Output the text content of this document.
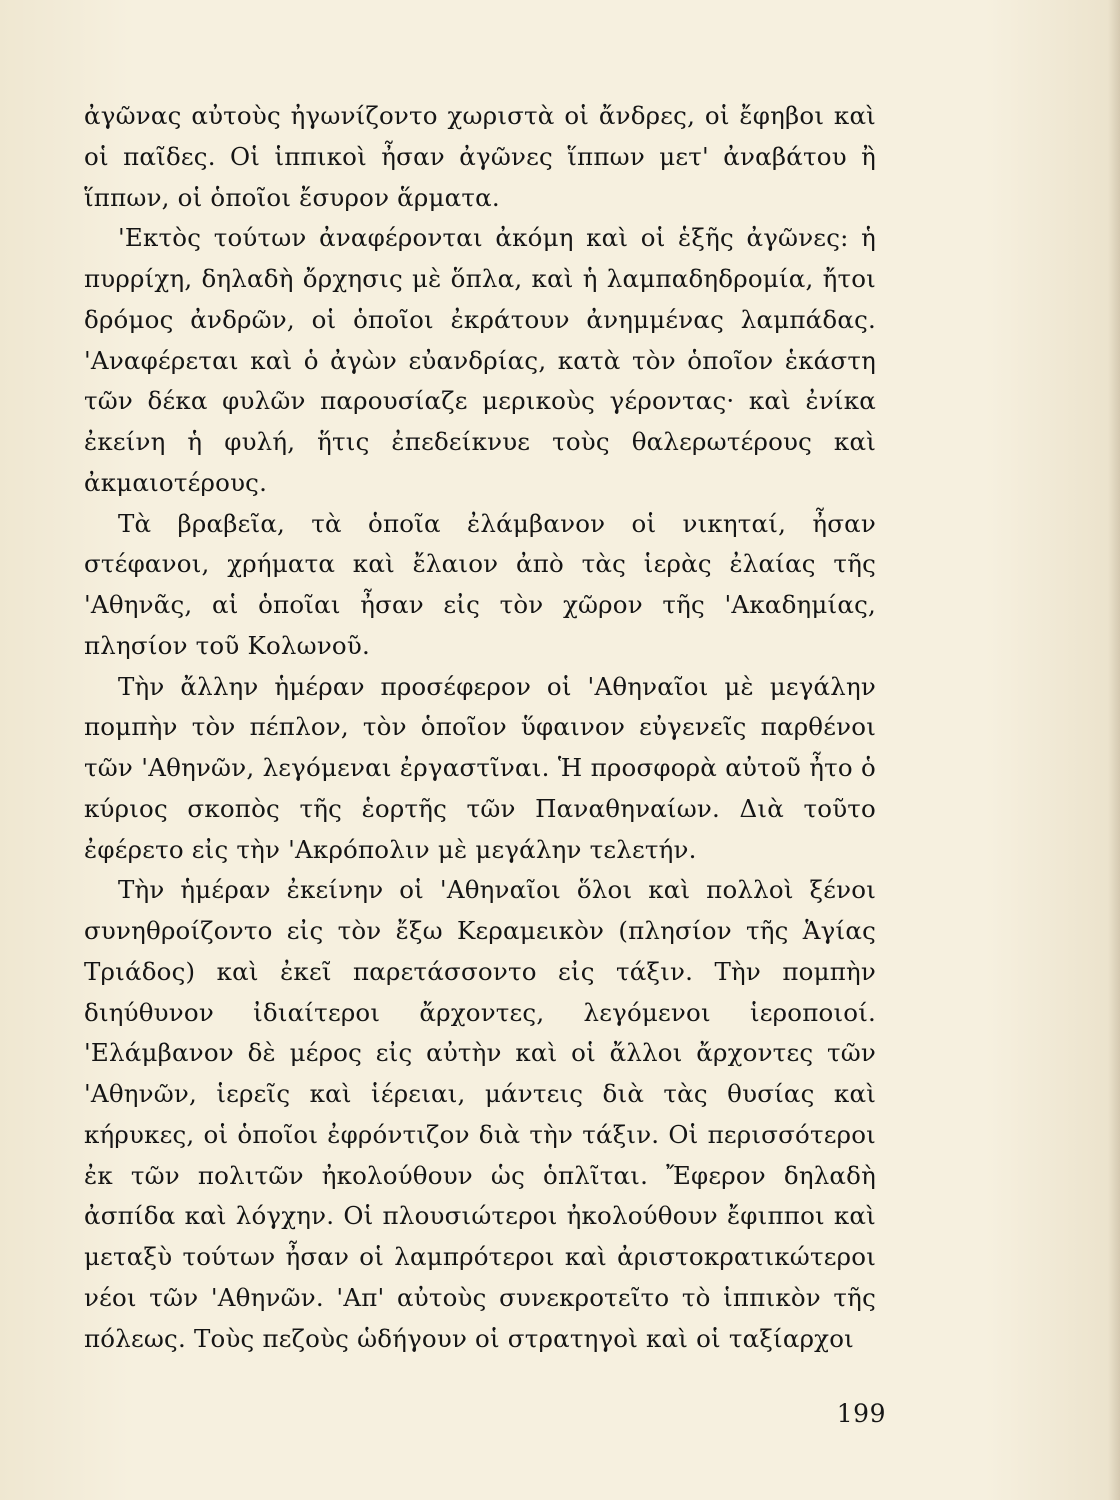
ἀγῶνας αὐτοὺς ἠγωνίζοντο χωριστὰ οἱ ἄνδρες, οἱ ἔφηβοι καὶ οἱ παῖδες. Οἱ ἱππικοὶ ἦσαν ἀγῶνες ἵππων μετ' ἀναβάτου ἢ ἵππων, οἱ ὁποῖοι ἔσυρον ἅρματα.

'Εκτὸς τούτων ἀναφέρονται ἀκόμη καὶ οἱ ἑξῆς ἀγῶνες: ἡ πυρρίχη, δηλαδὴ ὄρχησις μὲ ὅπλα, καὶ ἡ λαμπαδηδρομία, ἤτοι δρόμος ἀνδρῶν, οἱ ὁποῖοι ἐκράτουν ἀνημμένας λαμπάδας. 'Αναφέρεται καὶ ὁ ἀγὼν εὐανδρίας, κατὰ τὸν ὁποῖον ἑκάστη τῶν δέκα φυλῶν παρουσίαζε μερικοὺς γέροντας· καὶ ἐνίκα ἐκείνη ἡ φυλή, ἥτις ἐπεδείκνυε τοὺς θαλερωτέρους καὶ ἀκμαιοτέρους.

Τὰ βραβεῖα, τὰ ὁποῖα ἐλάμβανον οἱ νικηταί, ἦσαν στέφανοι, χρήματα καὶ ἔλαιον ἀπὸ τὰς ἱερὰς ἐλαίας τῆς 'Αθηνᾶς, αἱ ὁποῖαι ἦσαν εἰς τὸν χῶρον τῆς 'Ακαδημίας, πλησίον τοῦ Κολωνοῦ.

Τὴν ἄλλην ἡμέραν προσέφερον οἱ 'Αθηναῖοι μὲ μεγάλην πομπὴν τὸν πέπλον, τὸν ὁποῖον ὕφαινον εὐγενεῖς παρθένοι τῶν 'Αθηνῶν, λεγόμεναι ἐργαστῖναι. Ἡ προσφορὰ αὐτοῦ ἦτο ὁ κύριος σκοπὸς τῆς ἑορτῆς τῶν Παναθηναίων. Διὰ τοῦτο ἐφέρετο εἰς τὴν 'Ακρόπολιν μὲ μεγάλην τελετήν.

Τὴν ἡμέραν ἐκείνην οἱ 'Αθηναῖοι ὅλοι καὶ πολλοὶ ξένοι συνηθροίζοντο εἰς τὸν ἔξω Κεραμεικὸν (πλησίον τῆς Ἁγίας Τριάδος) καὶ ἐκεῖ παρετάσσοντο εἰς τάξιν. Τὴν πομπὴν διηύθυνον ἰδιαίτεροι ἄρχοντες, λεγόμενοι ἱεροποιοί. 'Ελάμβανον δὲ μέρος εἰς αὐτὴν καὶ οἱ ἄλλοι ἄρχοντες τῶν 'Αθηνῶν, ἱερεῖς καὶ ἱέρειαι, μάντεις διὰ τὰς θυσίας καὶ κήρυκες, οἱ ὁποῖοι ἐφρόντιζον διὰ τὴν τάξιν. Οἱ περισσότεροι ἐκ τῶν πολιτῶν ἠκολούθουν ὡς ὁπλῖται. Ἔφερον δηλαδὴ ἀσπίδα καὶ λόγχην. Οἱ πλουσιώτεροι ἠκολούθουν ἔφιπποι καὶ μεταξὺ τούτων ἦσαν οἱ λαμπρότεροι καὶ ἀριστοκρατικώτεροι νέοι τῶν 'Αθηνῶν. 'Απ' αὐτοὺς συνεκροτεῖτο τὸ ἱππικὸν τῆς πόλεως. Τοὺς πεζοὺς ὡδήγουν οἱ στρατηγοὶ καὶ οἱ ταξίαρχοι

199
